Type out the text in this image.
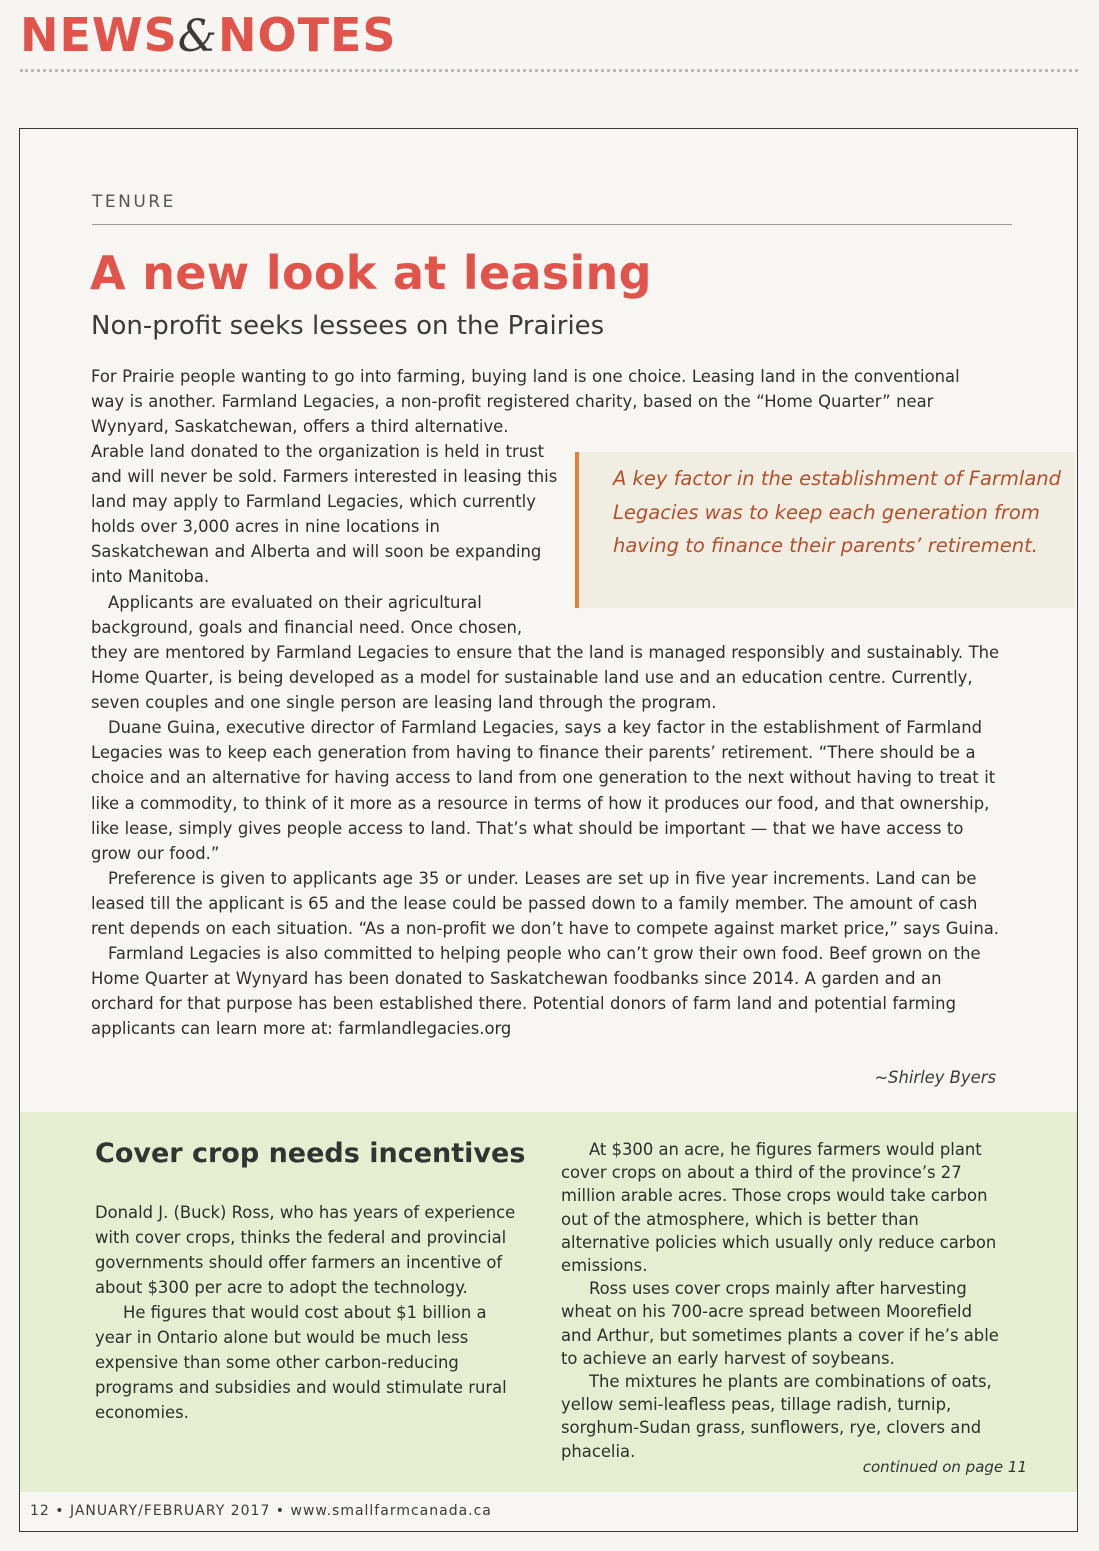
NEWS&NOTES
TENURE
A new look at leasing
Non-profit seeks lessees on the Prairies

For Prairie people wanting to go into farming, buying land is one choice. Leasing land in the conventional way is another. Farmland Legacies, a non-profit registered charity, based on the “Home Quarter” near Wynyard, Saskatchewan, offers a third alternative.

Arable land donated to the organization is held in trust and will never be sold. Farmers interested in leasing this land may apply to Farmland Legacies, which currently holds over 3,000 acres in nine locations in Saskatchewan and Alberta and will soon be expanding into Manitoba.

Applicants are evaluated on their agricultural background, goals and financial need. Once chosen,

A key factor in the establishment of Farmland Legacies was to keep each generation from having to finance their parents’ retirement.

they are mentored by Farmland Legacies to ensure that the land is managed responsibly and sustainably. The Home Quarter, is being developed as a model for sustainable land use and an education centre. Currently, seven couples and one single person are leasing land through the program.

Duane Guina, executive director of Farmland Legacies, says a key factor in the establishment of Farmland Legacies was to keep each generation from having to finance their parents’ retirement. “There should be a choice and an alternative for having access to land from one generation to the next without having to treat it like a commodity, to think of it more as a resource in terms of how it produces our food, and that ownership, like lease, simply gives people access to land. That’s what should be important — that we have access to grow our food.”

Preference is given to applicants age 35 or under. Leases are set up in five year increments. Land can be leased till the applicant is 65 and the lease could be passed down to a family member. The amount of cash rent depends on each situation. “As a non-profit we don’t have to compete against market price,” says Guina.

Farmland Legacies is also committed to helping people who can’t grow their own food. Beef grown on the Home Quarter at Wynyard has been donated to Saskatchewan foodbanks since 2014. A garden and an orchard for that purpose has been established there. Potential donors of farm land and potential farming applicants can learn more at: farmlandlegacies.org

~Shirley Byers
Cover crop needs incentives

Donald J. (Buck) Ross, who has years of experience with cover crops, thinks the federal and provincial governments should offer farmers an incentive of about $300 per acre to adopt the technology.

He figures that would cost about $1 billion a year in Ontario alone but would be much less expensive than some other carbon-reducing programs and subsidies and would stimulate rural economies.

At $300 an acre, he figures farmers would plant cover crops on about a third of the province’s 27 million arable acres. Those crops would take carbon out of the atmosphere, which is better than alternative policies which usually only reduce carbon emissions.

Ross uses cover crops mainly after harvesting wheat on his 700-acre spread between Moorefield and Arthur, but sometimes plants a cover if he’s able to achieve an early harvest of soybeans.

The mixtures he plants are combinations of oats, yellow semi-leafless peas, tillage radish, turnip, sorghum-Sudan grass, sunflowers, rye, clovers and phacelia.

continued on page 11
12 • JANUARY/FEBRUARY 2017 • www.smallfarmcanada.ca
